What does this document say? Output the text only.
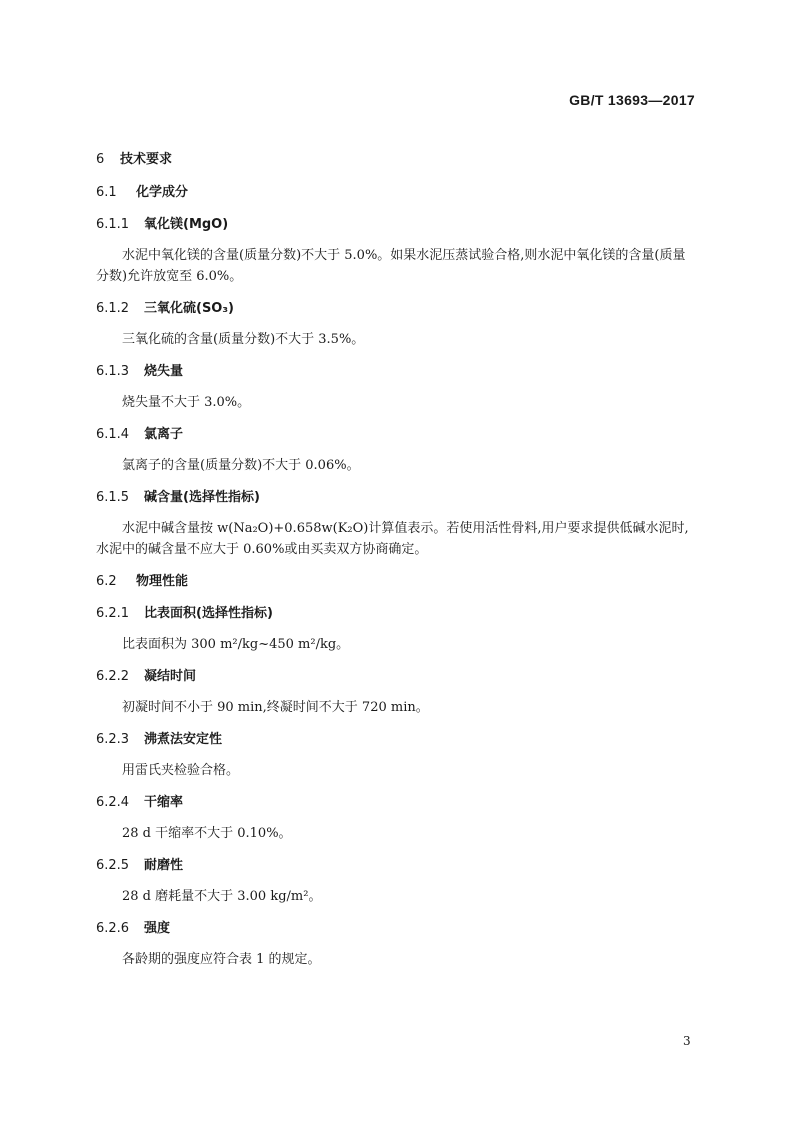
GB/T 13693—2017
6 技术要求
6.1 化学成分
6.1.1 氧化镁(MgO)

水泥中氧化镁的含量(质量分数)不大于 5.0%。如果水泥压蒸试验合格,则水泥中氧化镁的含量(质量分数)允许放宽至 6.0%。

6.1.2 三氧化硫(SO₃)

三氧化硫的含量(质量分数)不大于 3.5%。

6.1.3 烧失量

烧失量不大于 3.0%。

6.1.4 氯离子

氯离子的含量(质量分数)不大于 0.06%。

6.1.5 碱含量(选择性指标)

水泥中碱含量按 w(Na₂O)+0.658w(K₂O)计算值表示。若使用活性骨料,用户要求提供低碱水泥时,水泥中的碱含量不应大于 0.60%或由买卖双方协商确定。

6.2 物理性能
6.2.1 比表面积(选择性指标)

比表面积为 300 m²/kg~450 m²/kg。

6.2.2 凝结时间

初凝时间不小于 90 min,终凝时间不大于 720 min。

6.2.3 沸煮法安定性

用雷氏夹检验合格。

6.2.4 干缩率

28 d 干缩率不大于 0.10%。

6.2.5 耐磨性

28 d 磨耗量不大于 3.00 kg/m²。

6.2.6 强度

各龄期的强度应符合表 1 的规定。

3
